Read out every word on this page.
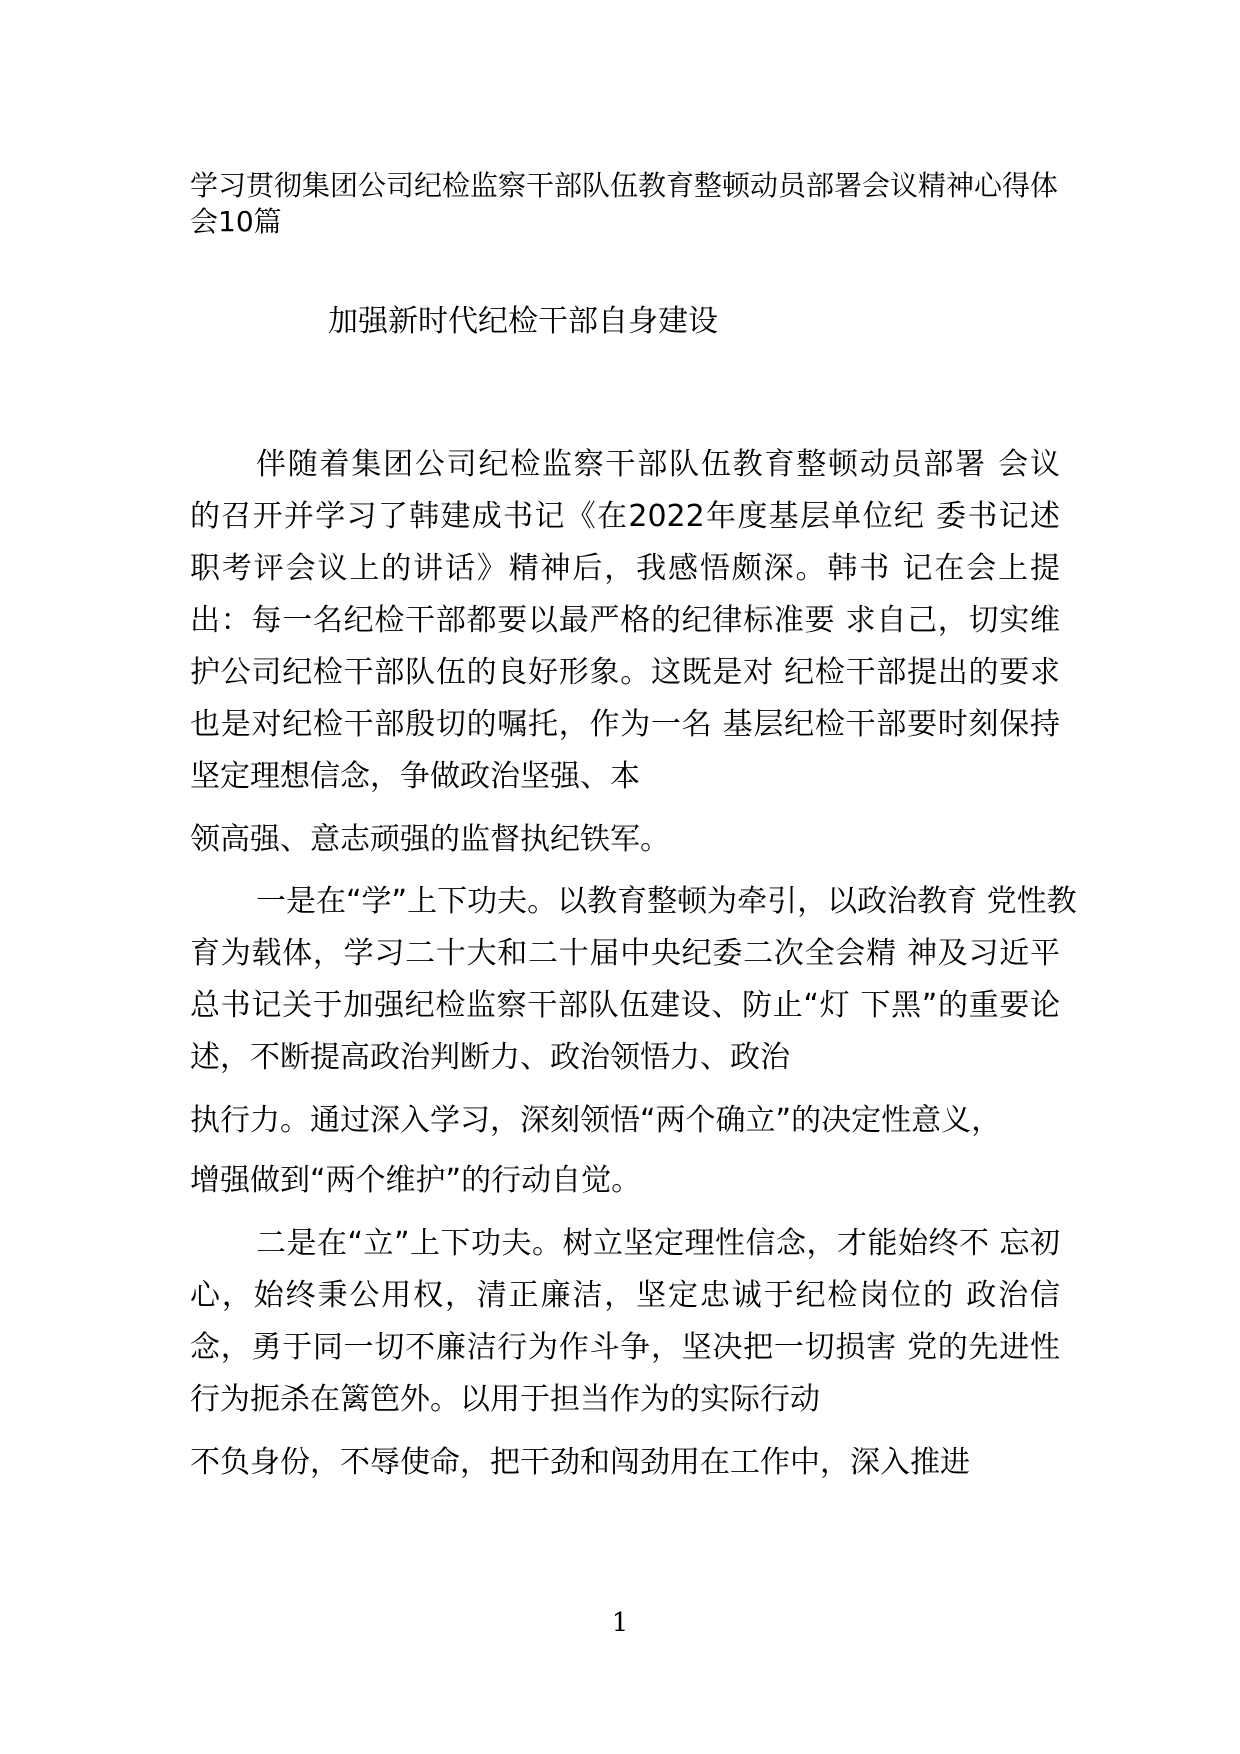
学习贯彻集团公司纪检监察干部队伍教育整顿动员部署会议精神心得体会10篇
加强新时代纪检干部自身建设

伴随着集团公司纪检监察干部队伍教育整顿动员部署 会议

的召开并学习了韩建成书记《在2022年度基层单位纪 委书记述

职考评会议上的讲话》精神后，我感悟颇深。韩书 记在会上提

出：每一名纪检干部都要以最严格的纪律标准要 求自己，切实维

护公司纪检干部队伍的良好形象。这既是对 纪检干部提出的要求

也是对纪检干部殷切的嘱托，作为一名 基层纪检干部要时刻保持

坚定理想信念，争做政治坚强、本

领高强、意志顽强的监督执纪铁军。

一是在“学”上下功夫。以教育整顿为牵引，以政治教育 党性教

育为载体，学习二十大和二十届中央纪委二次全会精 神及习近平

总书记关于加强纪检监察干部队伍建设、防止“灯 下黑”的重要论

述，不断提高政治判断力、政治领悟力、政治

执行力。通过深入学习，深刻领悟“两个确立”的决定性意义，

增强做到“两个维护”的行动自觉。

二是在“立”上下功夫。树立坚定理性信念，才能始终不 忘初

心，始终秉公用权，清正廉洁，坚定忠诚于纪检岗位的 政治信

念，勇于同一切不廉洁行为作斗争，坚决把一切损害 党的先进性

行为扼杀在篱笆外。以用于担当作为的实际行动

不负身份，不辱使命，把干劲和闯劲用在工作中，深入推进

1
